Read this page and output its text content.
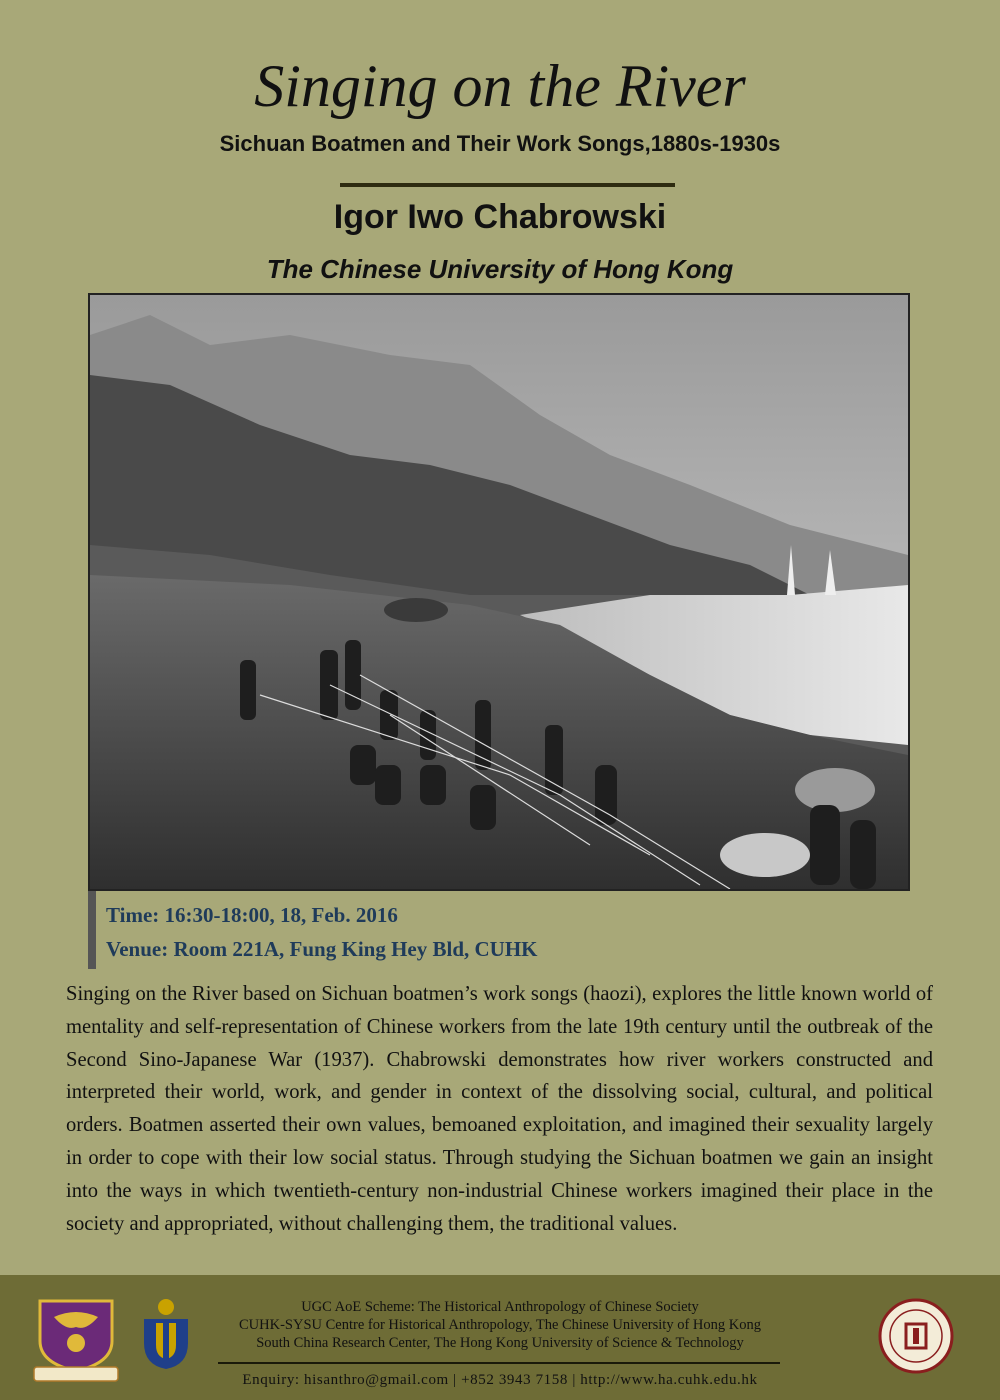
Singing on the River
Sichuan Boatmen and Their Work Songs,1880s-1930s
Igor Iwo Chabrowski
The Chinese University of Hong Kong
Time: 16:30-18:00, 18, Feb. 2016
Venue: Room 221A, Fung King Hey Bld, CUHK

Singing on the River based on Sichuan boatmen’s work songs (haozi), explores the little known world of mentality and self-representation of Chinese workers from the late 19th century until the outbreak of the Second Sino-Japanese War (1937). Chabrowski demonstrates how river workers constructed and interpreted their world, work, and gender in context of the dissolving social, cultural, and political orders. Boatmen asserted their own values, bemoaned exploitation, and imagined their sexuality largely in order to cope with their low social status. Through studying the Sichuan boatmen we gain an insight into the ways in which twentieth-century non-industrial Chinese workers imagined their place in the society and appropriated, without challenging them, the traditional values.

UGC AoE Scheme: The Historical Anthropology of Chinese Society
CUHK-SYSU Centre for Historical Anthropology, The Chinese University of Hong Kong
South China Research Center, The Hong Kong University of Science & Technology
Enquiry: hisanthro@gmail.com | +852 3943 7158 | http://www.ha.cuhk.edu.hk
